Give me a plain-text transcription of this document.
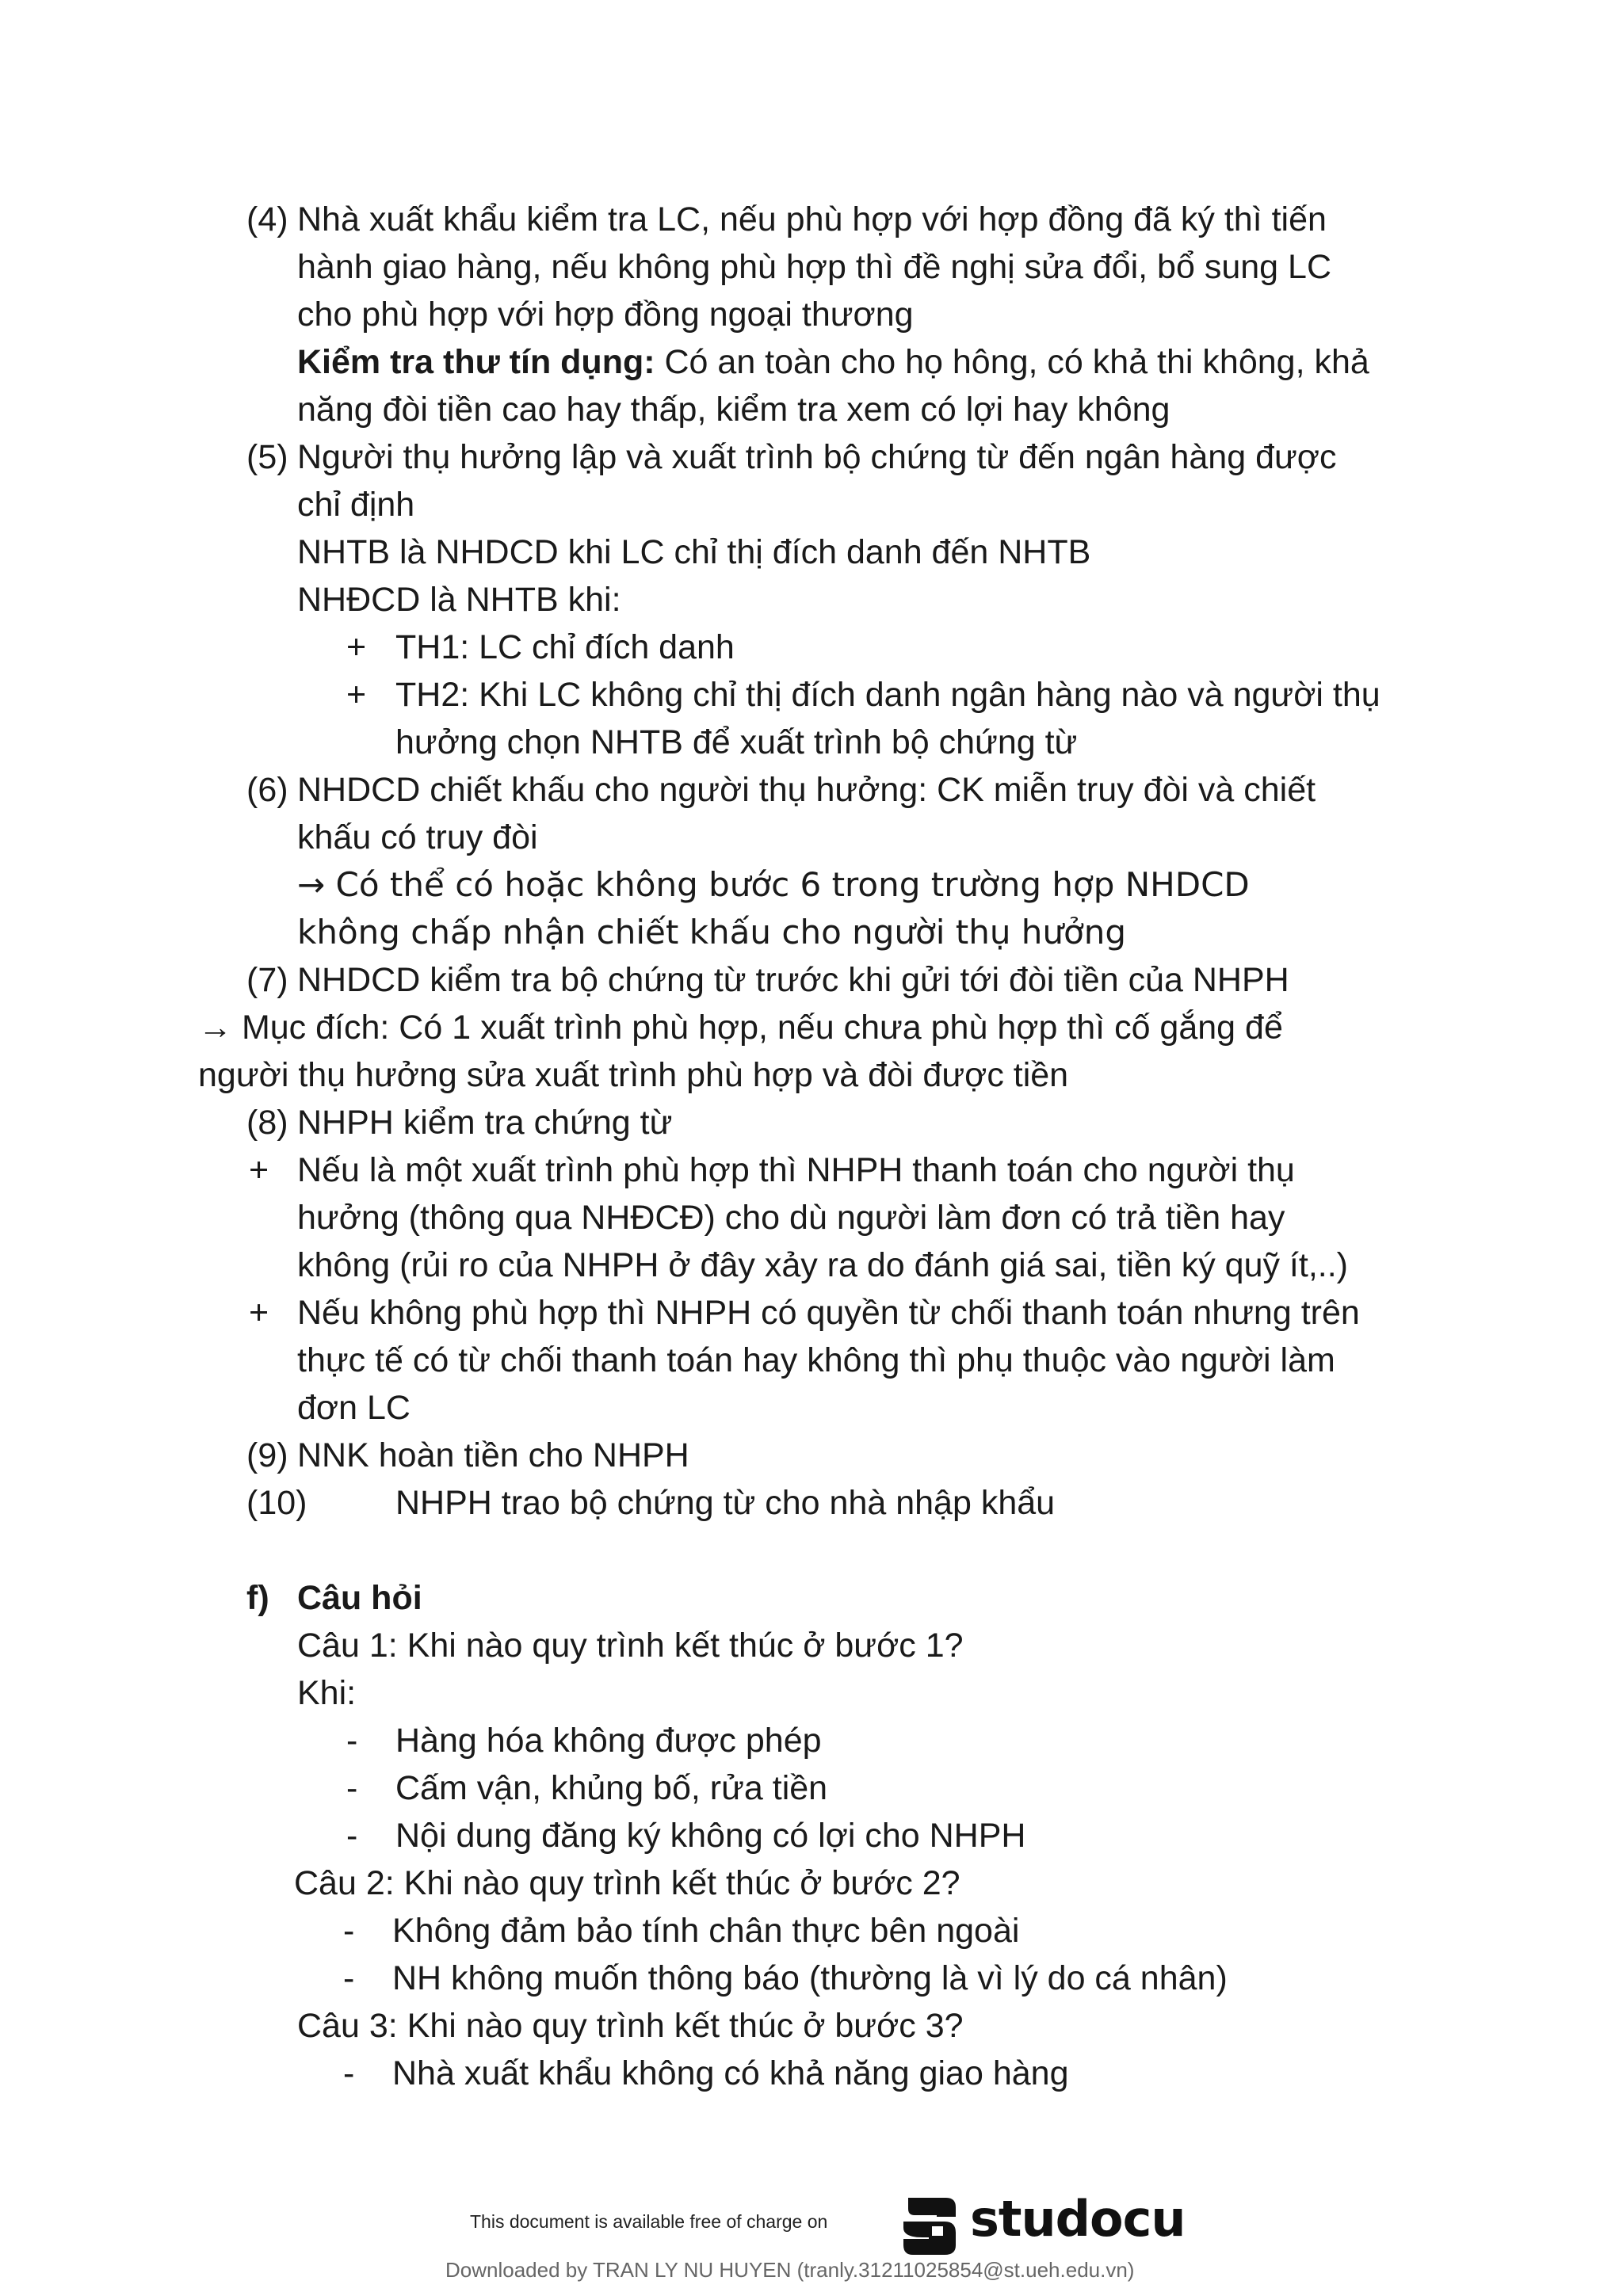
(4) Nhà xuất khẩu kiểm tra LC, nếu phù hợp với hợp đồng đã ký thì tiến
hành giao hàng, nếu không phù hợp thì đề nghị sửa đổi, bổ sung LC
cho phù hợp với hợp đồng ngoại thương
Kiểm tra thư tín dụng: Có an toàn cho họ hông, có khả thi không, khả
năng đòi tiền cao hay thấp, kiểm tra xem có lợi hay không
(5) Người thụ hưởng lập và xuất trình bộ chứng từ đến ngân hàng được
chỉ định
NHTB là NHDCD khi LC chỉ thị đích danh đến NHTB
NHĐCD là NHTB khi:
+ TH1: LC chỉ đích danh
+ TH2: Khi LC không chỉ thị đích danh ngân hàng nào và người thụ
hưởng chọn NHTB để xuất trình bộ chứng từ
(6) NHDCD chiết khấu cho người thụ hưởng: CK miễn truy đòi và chiết
khấu có truy đòi
→ Có thể có hoặc không bước 6 trong trường hợp NHDCD
không chấp nhận chiết khấu cho người thụ hưởng
(7) NHDCD kiểm tra bộ chứng từ trước khi gửi tới đòi tiền của NHPH
→ Mục đích: Có 1 xuất trình phù hợp, nếu chưa phù hợp thì cố gắng để
người thụ hưởng sửa xuất trình phù hợp và đòi được tiền
(8) NHPH kiểm tra chứng từ
+ Nếu là một xuất trình phù hợp thì NHPH thanh toán cho người thụ
hưởng (thông qua NHĐCĐ) cho dù người làm đơn có trả tiền hay
không (rủi ro của NHPH ở đây xảy ra do đánh giá sai, tiền ký quỹ ít,..)
+ Nếu không phù hợp thì NHPH có quyền từ chối thanh toán nhưng trên
thực tế có từ chối thanh toán hay không thì phụ thuộc vào người làm
đơn LC
(9) NNK hoàn tiền cho NHPH
(10)	NHPH trao bộ chứng từ cho nhà nhập khẩu
f) Câu hỏi
Câu 1: Khi nào quy trình kết thúc ở bước 1?
Khi:
- Hàng hóa không được phép
- Cấm vận, khủng bố, rửa tiền
- Nội dung đăng ký không có lợi cho NHPH
Câu 2: Khi nào quy trình kết thúc ở bước 2?
- Không đảm bảo tính chân thực bên ngoài
- NH không muốn thông báo (thường là vì lý do cá nhân)
Câu 3: Khi nào quy trình kết thúc ở bước 3?
- Nhà xuất khẩu không có khả năng giao hàng
This document is available free of charge on	studocu
Downloaded by TRAN LY NU HUYEN (tranly.31211025854@st.ueh.edu.vn)
